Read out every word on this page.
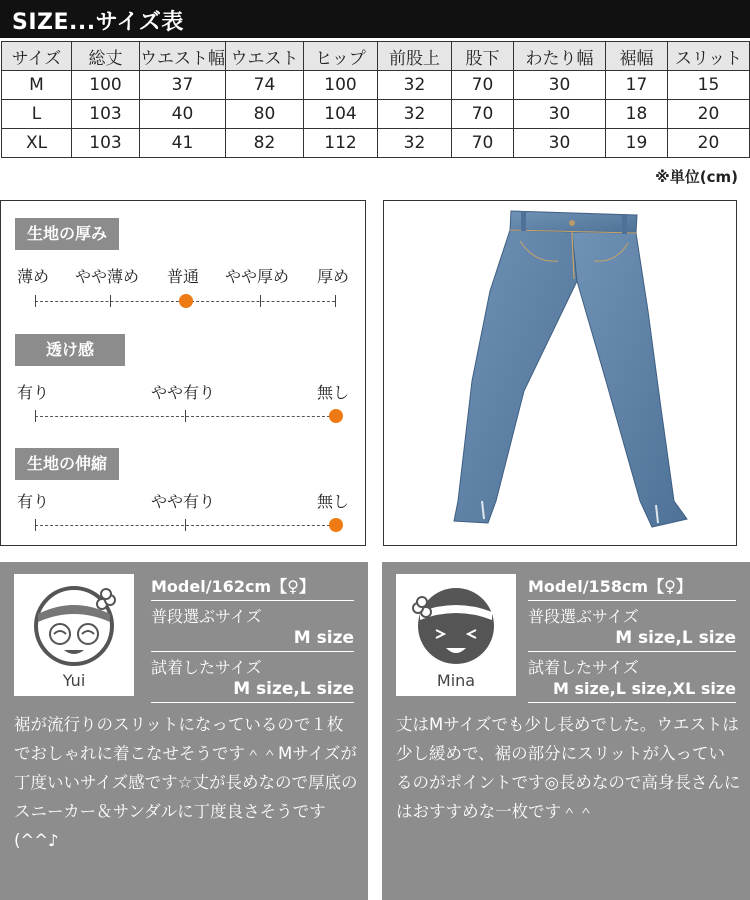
SIZE...サイズ表
サイズ	総丈	ウエスト幅	ウエスト	ヒップ	前股上	股下	わたり幅	裾幅	スリット
M	100	37	74	100	32	70	30	17	15
L	103	40	80	104	32	70	30	18	20
XL	103	41	82	112	32	70	30	19	20
※単位(cm)
生地の厚み
薄め やや薄め 普通 やや厚め 厚め
透け感
有り	やや有り	無し
生地の伸縮
有り	やや有り	無し
Yui
Model/162cm【♀】
普段選ぶサイズ
M size
試着したサイズ
M size,L size
裾が流行りのスリットになっているので１枚でおしゃれに着こなせそうです＾＾Mサイズが丁度いいサイズ感です☆丈が長めなので厚底のスニーカー＆サンダルに丁度良さそうです(^^♪
Mina
Model/158cm【♀】
普段選ぶサイズ
M size,L size
試着したサイズ
M size,L size,XL size
丈はMサイズでも少し長めでした。ウエストは少し緩めで、裾の部分にスリットが入っているのがポイントです◎長めなので高身長さんにはおすすめな一枚です＾＾
